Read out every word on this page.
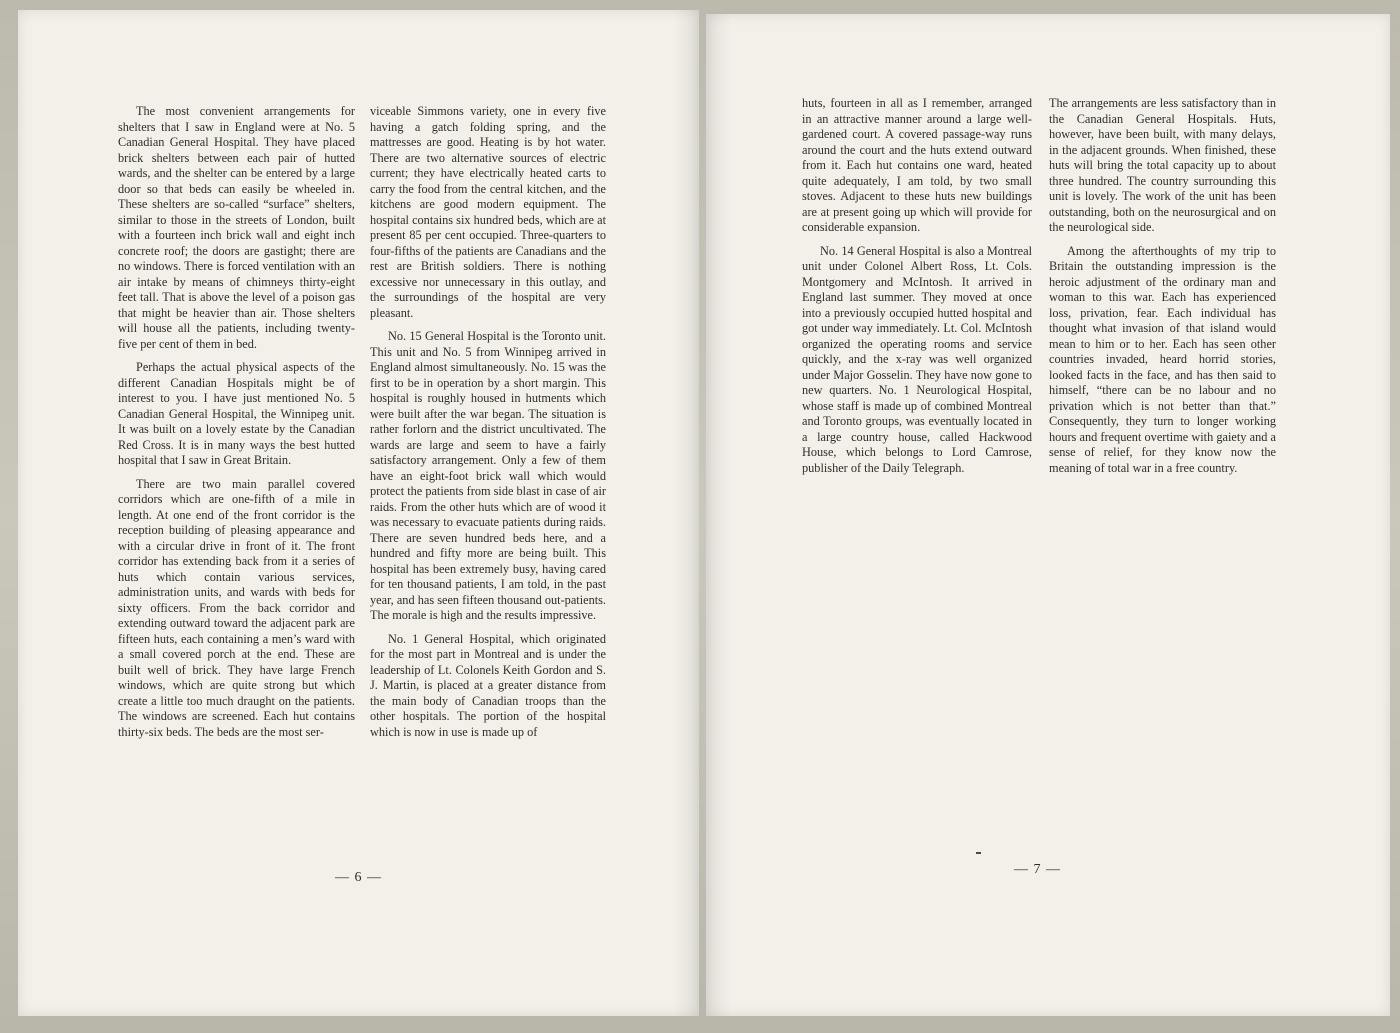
The most convenient arrangements for shelters that I saw in England were at No. 5 Canadian General Hospital. They have placed brick shelters between each pair of hutted wards, and the shelter can be entered by a large door so that beds can easily be wheeled in. These shelters are so-called “surface” shelters, similar to those in the streets of London, built with a fourteen inch brick wall and eight inch concrete roof; the doors are gastight; there are no windows. There is forced ventilation with an air intake by means of chimneys thirty-eight feet tall. That is above the level of a poison gas that might be heavier than air. Those shelters will house all the patients, including twenty-five per cent of them in bed.

Perhaps the actual physical aspects of the different Canadian Hospitals might be of interest to you. I have just mentioned No. 5 Canadian General Hospital, the Winnipeg unit. It was built on a lovely estate by the Canadian Red Cross. It is in many ways the best hutted hospital that I saw in Great Britain.

There are two main parallel covered corridors which are one-fifth of a mile in length. At one end of the front corridor is the reception building of pleasing appearance and with a circular drive in front of it. The front corridor has extending back from it a series of huts which contain various services, administration units, and wards with beds for sixty officers. From the back corridor and extending outward toward the adjacent park are fifteen huts, each containing a men’s ward with a small covered porch at the end. These are built well of brick. They have large French windows, which are quite strong but which create a little too much draught on the patients. The windows are screened. Each hut contains thirty-six beds. The beds are the most ser-

viceable Simmons variety, one in every five having a gatch folding spring, and the mattresses are good. Heating is by hot water. There are two alternative sources of electric current; they have electrically heated carts to carry the food from the central kitchen, and the kitchens are good modern equipment. The hospital contains six hundred beds, which are at present 85 per cent occupied. Three-quarters to four-fifths of the patients are Canadians and the rest are British soldiers. There is nothing excessive nor unnecessary in this outlay, and the surroundings of the hospital are very pleasant.

No. 15 General Hospital is the Toronto unit. This unit and No. 5 from Winnipeg arrived in England almost simultaneously. No. 15 was the first to be in operation by a short margin. This hospital is roughly housed in hutments which were built after the war began. The situation is rather forlorn and the district uncultivated. The wards are large and seem to have a fairly satisfactory arrangement. Only a few of them have an eight-foot brick wall which would protect the patients from side blast in case of air raids. From the other huts which are of wood it was necessary to evacuate patients during raids. There are seven hundred beds here, and a hundred and fifty more are being built. This hospital has been extremely busy, having cared for ten thousand patients, I am told, in the past year, and has seen fifteen thousand out-patients. The morale is high and the results impressive.

No. 1 General Hospital, which originated for the most part in Montreal and is under the leadership of Lt. Colonels Keith Gordon and S. J. Martin, is placed at a greater distance from the main body of Canadian troops than the other hospitals. The portion of the hospital which is now in use is made up of

— 6 —

huts, fourteen in all as I remember, arranged in an attractive manner around a large well-gardened court. A covered passage-way runs around the court and the huts extend outward from it. Each hut contains one ward, heated quite adequately, I am told, by two small stoves. Adjacent to these huts new buildings are at present going up which will provide for considerable expansion.

No. 14 General Hospital is also a Montreal unit under Colonel Albert Ross, Lt. Cols. Montgomery and McIntosh. It arrived in England last summer. They moved at once into a previously occupied hutted hospital and got under way immediately. Lt. Col. McIntosh organized the operating rooms and service quickly, and the x-ray was well organized under Major Gosselin. They have now gone to new quarters. No. 1 Neurological Hospital, whose staff is made up of combined Montreal and Toronto groups, was eventually located in a large country house, called Hackwood House, which belongs to Lord Camrose, publisher of the Daily Telegraph.

The arrangements are less satisfactory than in the Canadian General Hospitals. Huts, however, have been built, with many delays, in the adjacent grounds. When finished, these huts will bring the total capacity up to about three hundred. The country surrounding this unit is lovely. The work of the unit has been outstanding, both on the neurosurgical and on the neurological side.

Among the afterthoughts of my trip to Britain the outstanding impression is the heroic adjustment of the ordinary man and woman to this war. Each has experienced loss, privation, fear. Each individual has thought what invasion of that island would mean to him or to her. Each has seen other countries invaded, heard horrid stories, looked facts in the face, and has then said to himself, “there can be no labour and no privation which is not better than that.” Consequently, they turn to longer working hours and frequent overtime with gaiety and a sense of relief, for they know now the meaning of total war in a free country.

— 7 —
